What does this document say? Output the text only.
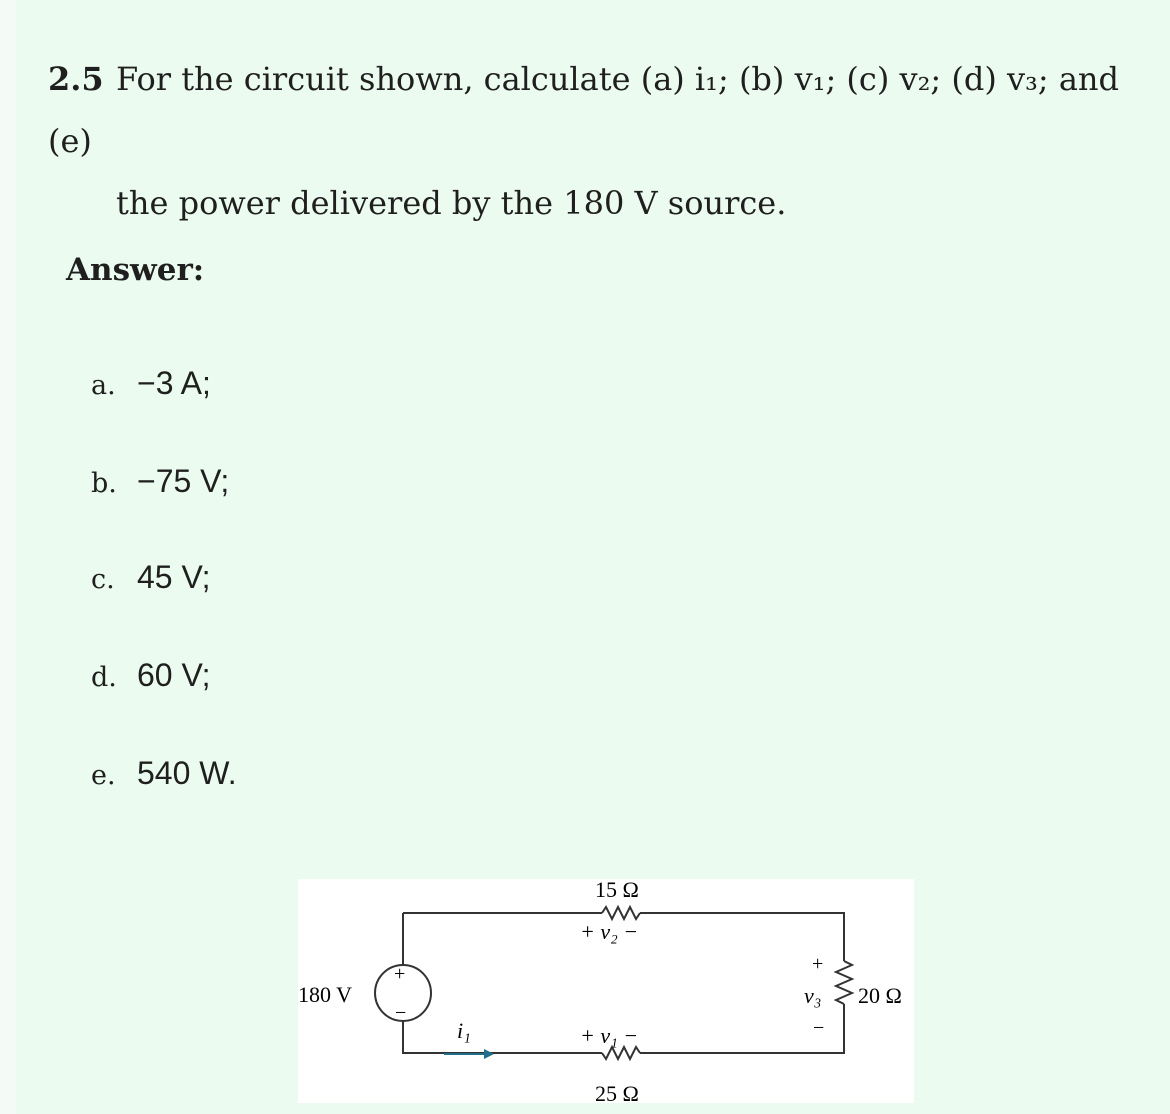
2.5 For the circuit shown, calculate (a) i₁; (b) v₁; (c) v₂; (d) v₃; and (e)
the power delivered by the 180 V source.
Answer:
a. −3 A;
b. −75 V;
c. 45 V;
d. 60 V;
e. 540 W.
+
−
180 V
i₁
15 Ω
+ v₂ −
+ v₁ −
25 Ω
+
v₃
−
20 Ω
